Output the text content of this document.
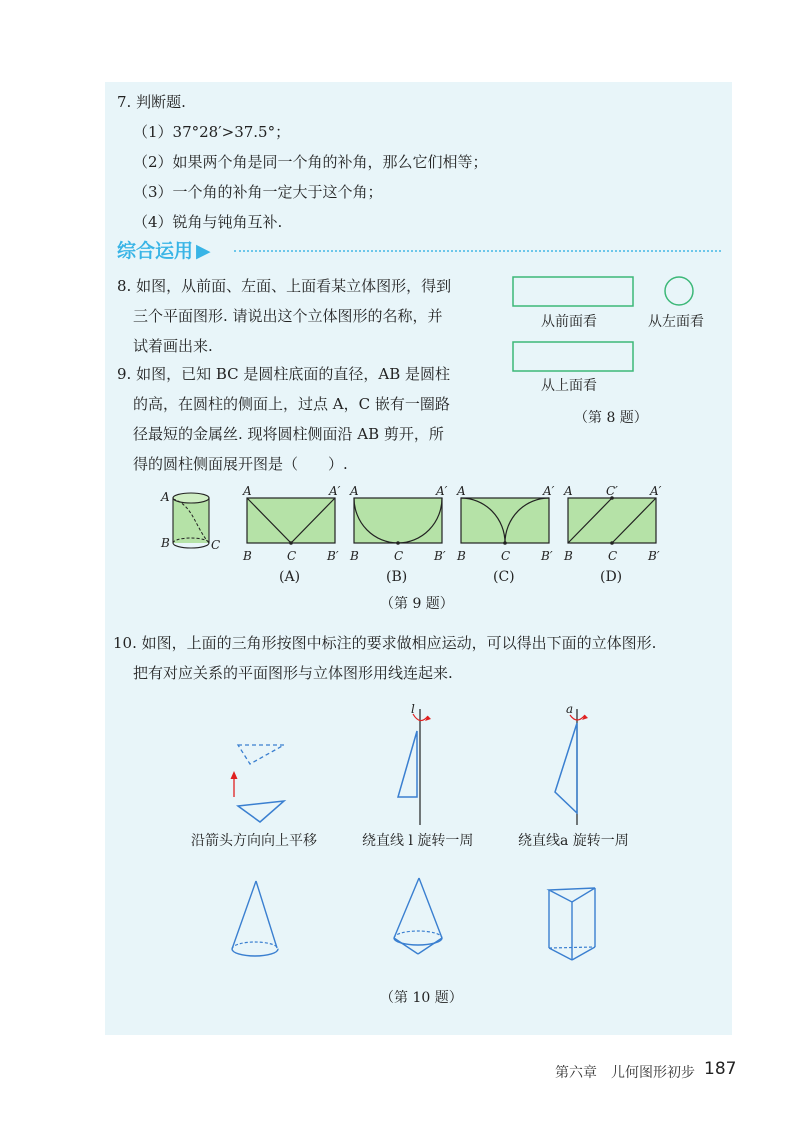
7. 判断题.
（1）37°28′>37.5°；
（2）如果两个角是同一个角的补角，那么它们相等；
（3）一个角的补角一定大于这个角；
（4）锐角与钝角互补.
综合运用 ▶
8. 如图，从前面、左面、上面看某立体图形，得到
三个平面图形. 请说出这个立体图形的名称，并
试着画出来.
从前面看	从左面看
从上面看
（第 8 题）
9. 如图，已知 BC 是圆柱底面的直径，AB 是圆柱
的高，在圆柱的侧面上，过点 A，C 嵌有一圈路
径最短的金属丝. 现将圆柱侧面沿 AB 剪开，所
得的圆柱侧面展开图是（　　）.
A
B	C
A	A′
B	C	B′
A	A′
B	C	B′
A	A′
B	C	B′
A	C′	A′
B	C	B′
(A)	(B)	(C)	(D)
（第 9 题）
10. 如图，上面的三角形按图中标注的要求做相应运动，可以得出下面的立体图形.
把有对应关系的平面图形与立体图形用线连起来.
l	a
沿箭头方向向上平移	绕直线 l 旋转一周	绕直线a 旋转一周
（第 10 题）
第六章　儿何图形初步 187
